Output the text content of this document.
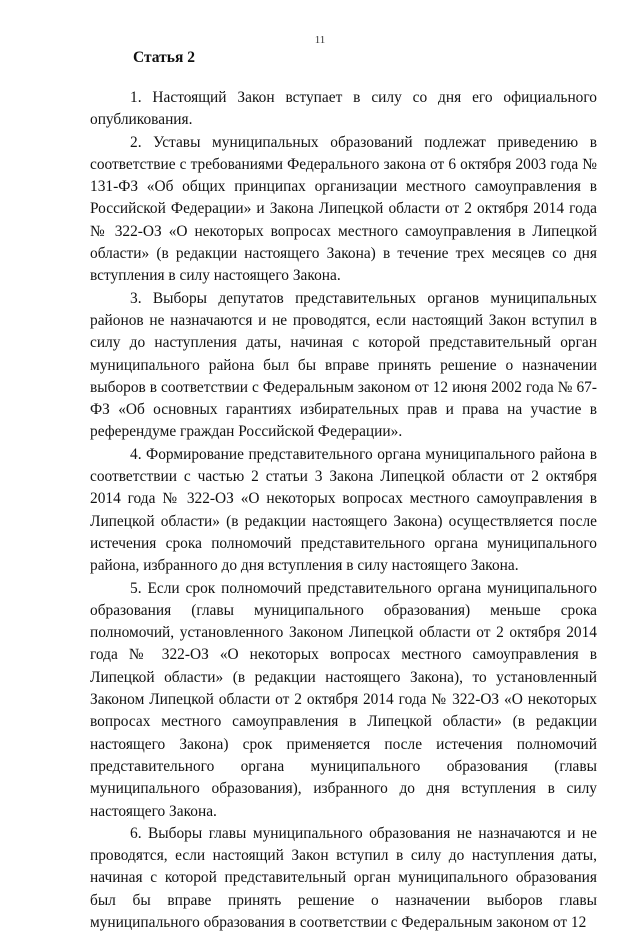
11
Статья 2

1. Настоящий Закон вступает в силу со дня его официального опубликования.

2. Уставы муниципальных образований подлежат приведению в соответствие с требованиями Федерального закона от 6 октября 2003 года № 131-ФЗ «Об общих принципах организации местного самоуправления в Российской Федерации» и Закона Липецкой области от 2 октября 2014 года № 322-ОЗ «О некоторых вопросах местного самоуправления в Липецкой области» (в редакции настоящего Закона) в течение трех месяцев со дня вступления в силу настоящего Закона.

3. Выборы депутатов представительных органов муниципальных районов не назначаются и не проводятся, если настоящий Закон вступил в силу до наступления даты, начиная с которой представительный орган муниципального района был бы вправе принять решение о назначении выборов в соответствии с Федеральным законом от 12 июня 2002 года № 67-ФЗ «Об основных гарантиях избирательных прав и права на участие в референдуме граждан Российской Федерации».

4. Формирование представительного органа муниципального района в соответствии с частью 2 статьи 3 Закона Липецкой области от 2 октября 2014 года № 322-ОЗ «О некоторых вопросах местного самоуправления в Липецкой области» (в редакции настоящего Закона) осуществляется после истечения срока полномочий представительного органа муниципального района, избранного до дня вступления в силу настоящего Закона.

5. Если срок полномочий представительного органа муниципального образования (главы муниципального образования) меньше срока полномочий, установленного Законом Липецкой области от 2 октября 2014 года № 322-ОЗ «О некоторых вопросах местного самоуправления в Липецкой области» (в редакции настоящего Закона), то установленный Законом Липецкой области от 2 октября 2014 года № 322-ОЗ «О некоторых вопросах местного самоуправления в Липецкой области» (в редакции настоящего Закона) срок применяется после истечения полномочий представительного органа муниципального образования (главы муниципального образования), избранного до дня вступления в силу настоящего Закона.

6. Выборы главы муниципального образования не назначаются и не проводятся, если настоящий Закон вступил в силу до наступления даты, начиная с которой представительный орган муниципального образования был бы вправе принять решение о назначении выборов главы муниципального образования в соответствии с Федеральным законом от 12
